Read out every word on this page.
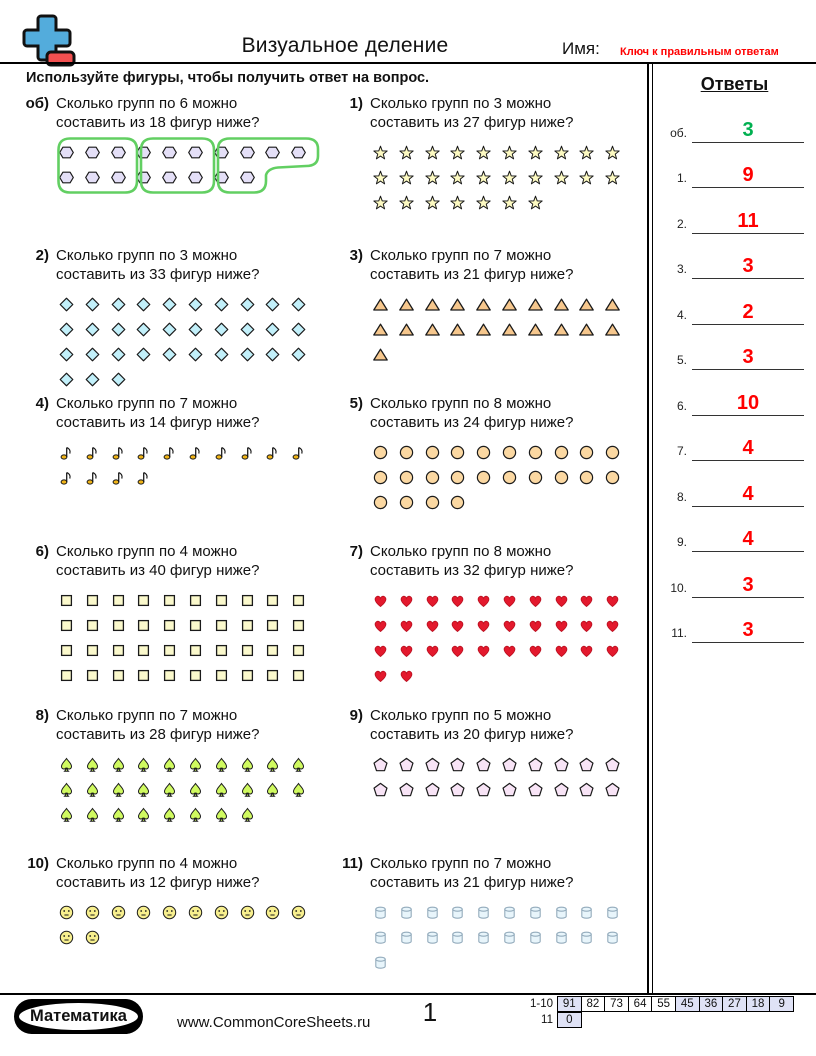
Визуальное деление	Имя: Ключ к правильным ответам
Используйте фигуры, чтобы получить ответ на вопрос.
об) Сколько групп по 6 можно
составить из 18 фигур ниже?
1) Сколько групп по 3 можно
составить из 27 фигур ниже?
2) Сколько групп по 3 можно
составить из 33 фигур ниже?
3) Сколько групп по 7 можно
составить из 21 фигур ниже?
4) Сколько групп по 7 можно
составить из 14 фигур ниже?
5) Сколько групп по 8 можно
составить из 24 фигур ниже?
6) Сколько групп по 4 можно
составить из 40 фигур ниже?
7) Сколько групп по 8 можно
составить из 32 фигур ниже?
8) Сколько групп по 7 можно
составить из 28 фигур ниже?
9) Сколько групп по 5 можно
составить из 20 фигур ниже?
10) Сколько групп по 4 можно
составить из 12 фигур ниже?
11) Сколько групп по 7 можно
составить из 21 фигур ниже?
Ответы
об.	3
1.	9
2.	11
3.	3
4.	2
5.	3
6.	10
7.	4
8.	4
9.	4
10.	3
11.	3
Математика	www.CommonCoreSheets.ru	1	1-10 91 82 73 64 55 45 36 27 18	9
11	0
